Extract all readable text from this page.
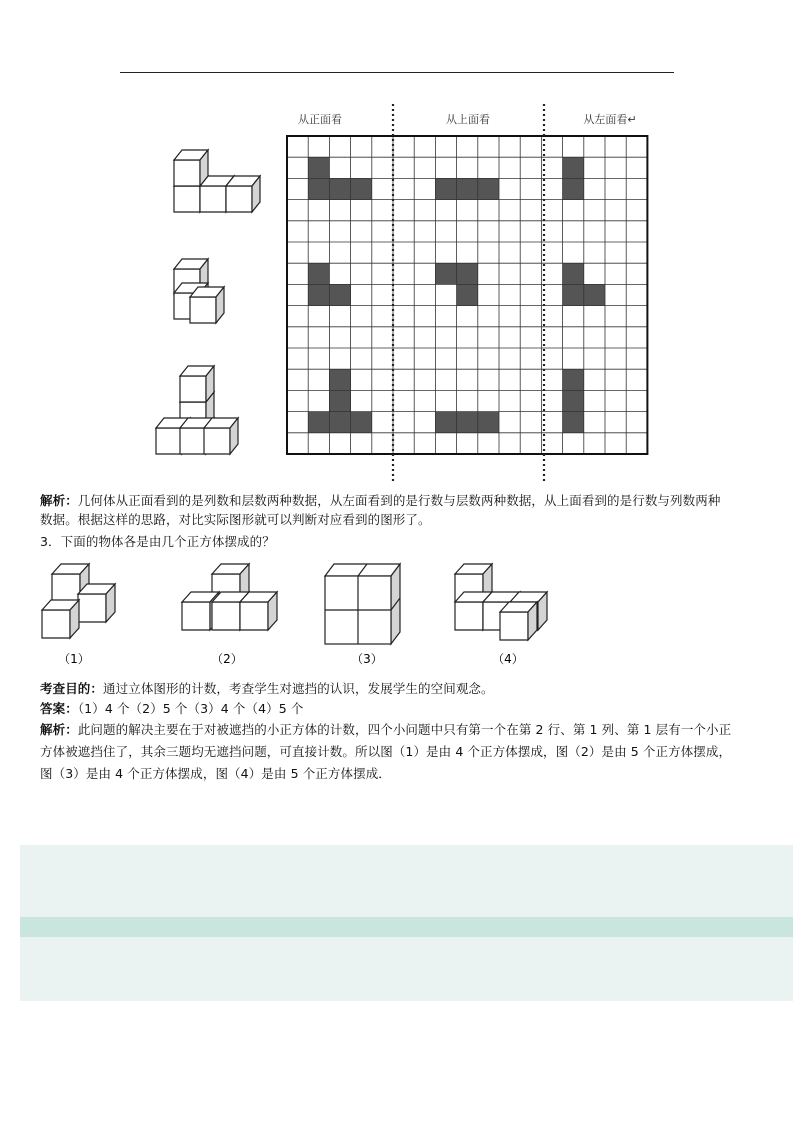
从正面看	从上面看	从左面看↵
解析：几何体从正面看到的是列数和层数两种数据，从左面看到的是行数与层数两种数据，从上面看到的是行数与列数两种
数据。根据这样的思路，对比实际图形就可以判断对应看到的图形了。
3．下面的物体各是由几个正方体摆成的？
（1）	（2）	（3）	（4）
考查目的：通过立体图形的计数，考查学生对遮挡的认识，发展学生的空间观念。
答案：（1）4 个（2）5 个（3）4 个（4）5 个
解析：此问题的解决主要在于对被遮挡的小正方体的计数，四个小问题中只有第一个在第 2 行、第 1 列、第 1 层有一个小正
方体被遮挡住了，其余三题均无遮挡问题，可直接计数。所以图（1）是由 4 个正方体摆成，图（2）是由 5 个正方体摆成，
图（3）是由 4 个正方体摆成，图（4）是由 5 个正方体摆成．
